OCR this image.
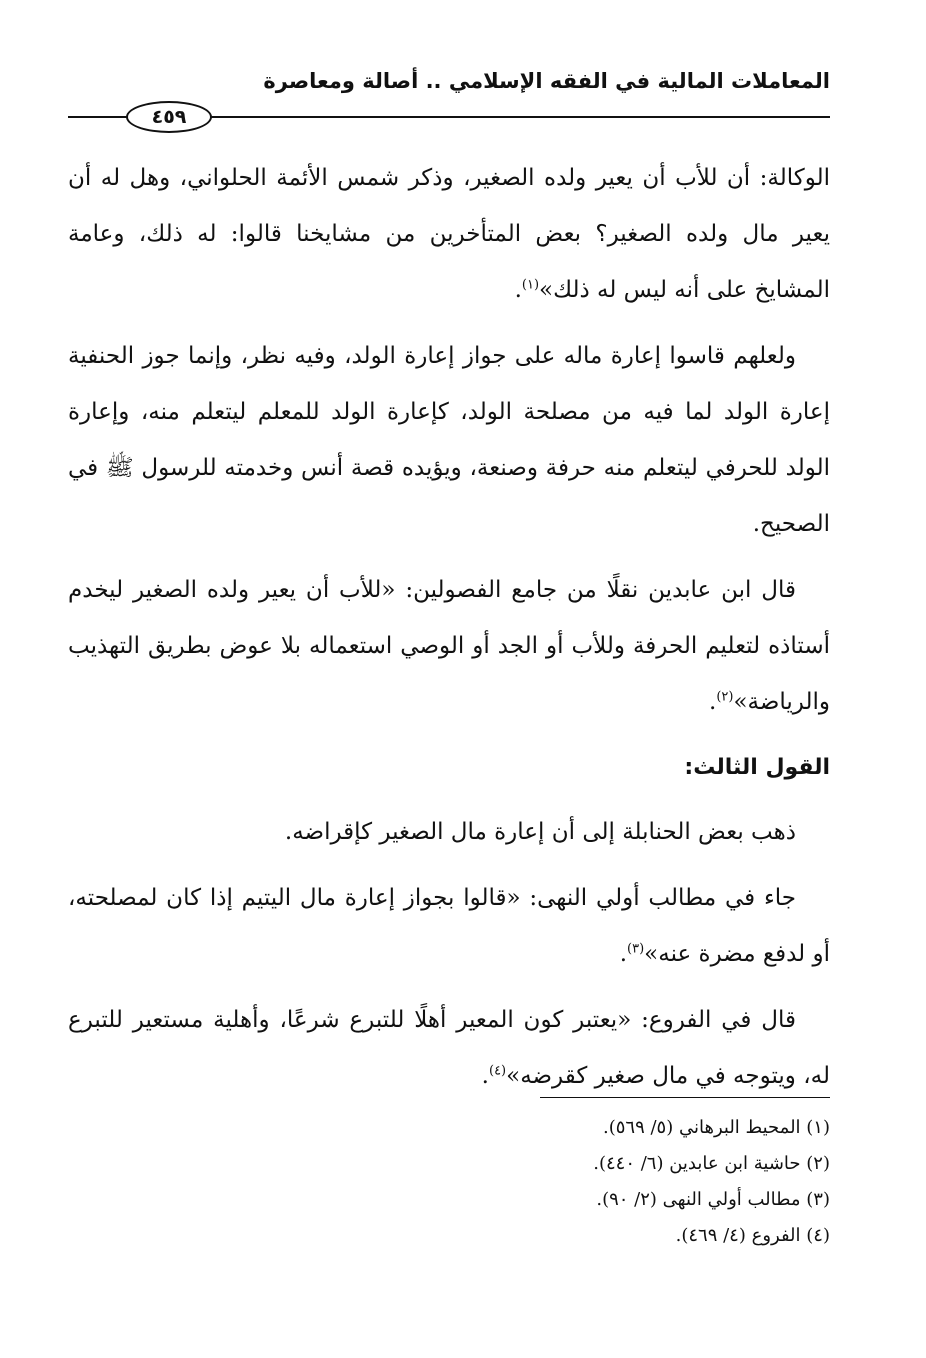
المعاملات المالية في الفقه الإسلامي .. أصالة ومعاصرة
٤٥٩

الوكالة: أن للأب أن يعير ولده الصغير، وذكر شمس الأئمة الحلواني، وهل له أن يعير مال ولده الصغير؟ بعض المتأخرين من مشايخنا قالوا: له ذلك، وعامة المشايخ على أنه ليس له ذلك»$^{(١)}$.

ولعلهم قاسوا إعارة ماله على جواز إعارة الولد، وفيه نظر، وإنما جوز الحنفية إعارة الولد لما فيه من مصلحة الولد، كإعارة الولد للمعلم ليتعلم منه، وإعارة الولد للحرفي ليتعلم منه حرفة وصنعة، ويؤيده قصة أنس وخدمته للرسول ﷺ في الصحيح.

قال ابن عابدين نقلًا من جامع الفصولين: «للأب أن يعير ولده الصغير ليخدم أستاذه لتعليم الحرفة وللأب أو الجد أو الوصي استعماله بلا عوض بطريق التهذيب والرياضة»$^{(٢)}$.

القول الثالث:

ذهب بعض الحنابلة إلى أن إعارة مال الصغير كإقراضه.

جاء في مطالب أولي النهى: «قالوا بجواز إعارة مال اليتيم إذا كان لمصلحته، أو لدفع مضرة عنه»$^{(٣)}$.

قال في الفروع: «يعتبر كون المعير أهلًا للتبرع شرعًا، وأهلية مستعير للتبرع له، ويتوجه في مال صغير كقرضه»$^{(٤)}$.

(١) المحيط البرهاني (٥/ ٥٦٩).

(٢) حاشية ابن عابدين (٦/ ٤٤٠).

(٣) مطالب أولي النهى (٢/ ٩٠).

(٤) الفروع (٤/ ٤٦٩).
